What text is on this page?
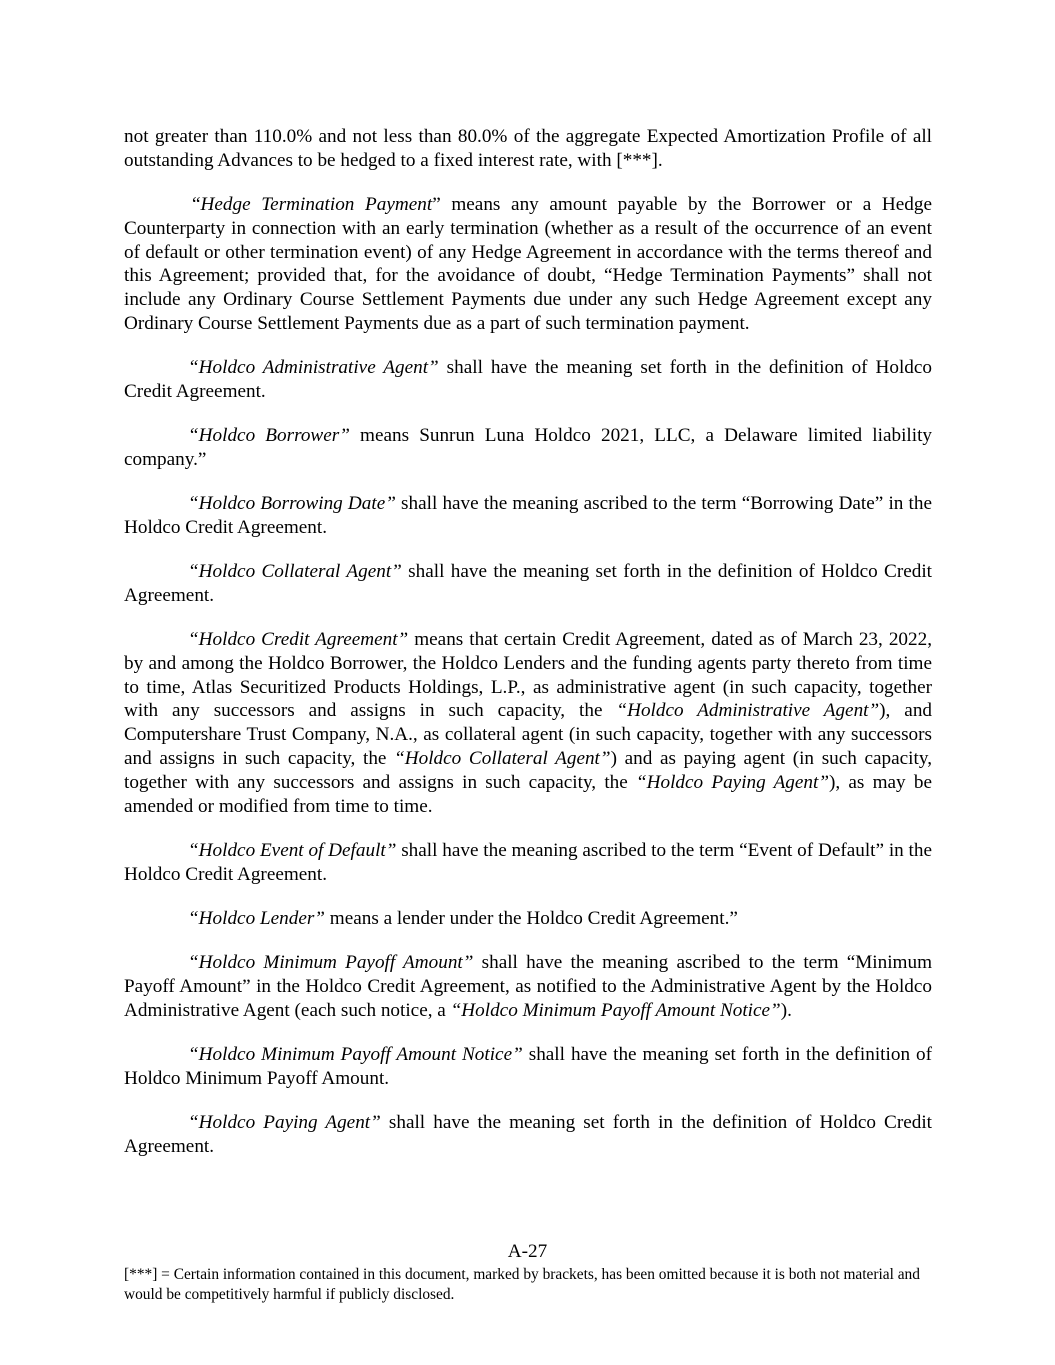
not greater than 110.0% and not less than 80.0% of the aggregate Expected Amortization Profile of all outstanding Advances to be hedged to a fixed interest rate, with [***].

“Hedge Termination Payment” means any amount payable by the Borrower or a Hedge Counterparty in connection with an early termination (whether as a result of the occurrence of an event of default or other termination event) of any Hedge Agreement in accordance with the terms thereof and this Agreement; provided that, for the avoidance of doubt, “Hedge Termination Payments” shall not include any Ordinary Course Settlement Payments due under any such Hedge Agreement except any Ordinary Course Settlement Payments due as a part of such termination payment.

“Holdco Administrative Agent” shall have the meaning set forth in the definition of Holdco Credit Agreement.

“Holdco Borrower” means Sunrun Luna Holdco 2021, LLC, a Delaware limited liability company.”

“Holdco Borrowing Date” shall have the meaning ascribed to the term “Borrowing Date” in the Holdco Credit Agreement.

“Holdco Collateral Agent” shall have the meaning set forth in the definition of Holdco Credit Agreement.

“Holdco Credit Agreement” means that certain Credit Agreement, dated as of March 23, 2022, by and among the Holdco Borrower, the Holdco Lenders and the funding agents party thereto from time to time, Atlas Securitized Products Holdings, L.P., as administrative agent (in such capacity, together with any successors and assigns in such capacity, the “Holdco Administrative Agent”), and Computershare Trust Company, N.A., as collateral agent (in such capacity, together with any successors and assigns in such capacity, the “Holdco Collateral Agent”) and as paying agent (in such capacity, together with any successors and assigns in such capacity, the “Holdco Paying Agent”), as may be amended or modified from time to time.

“Holdco Event of Default” shall have the meaning ascribed to the term “Event of Default” in the Holdco Credit Agreement.

“Holdco Lender” means a lender under the Holdco Credit Agreement.”

“Holdco Minimum Payoff Amount” shall have the meaning ascribed to the term “Minimum Payoff Amount” in the Holdco Credit Agreement, as notified to the Administrative Agent by the Holdco Administrative Agent (each such notice, a “Holdco Minimum Payoff Amount Notice”).

“Holdco Minimum Payoff Amount Notice” shall have the meaning set forth in the definition of Holdco Minimum Payoff Amount.

“Holdco Paying Agent” shall have the meaning set forth in the definition of Holdco Credit Agreement.

A-27
[***] = Certain information contained in this document, marked by brackets, has been omitted because it is both not material and would be competitively harmful if publicly disclosed.
